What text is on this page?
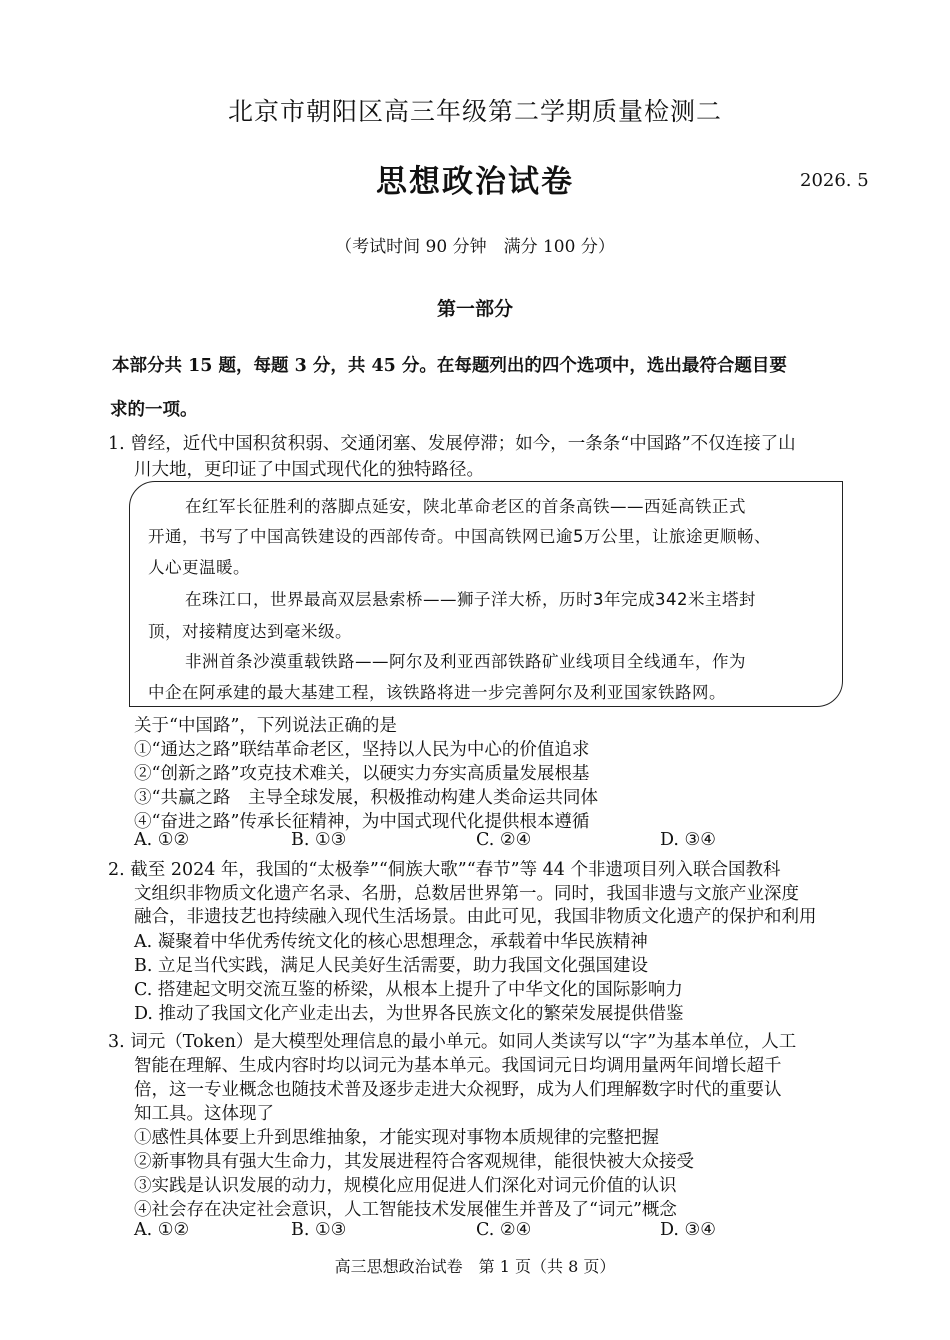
北京市朝阳区高三年级第二学期质量检测二
思想政治试卷	2026. 5
（考试时间 90 分钟　满分 100 分）
第一部分
本部分共 15 题，每题 3 分，共 45 分。在每题列出的四个选项中，选出最符合题目要
求的一项。
1. 曾经，近代中国积贫积弱、交通闭塞、发展停滞；如今，一条条“中国路”不仅连接了山
川大地，更印证了中国式现代化的独特路径。
在红军长征胜利的落脚点延安，陕北革命老区的首条高铁——西延高铁正式
开通，书写了中国高铁建设的西部传奇。中国高铁网已逾5万公里，让旅途更顺畅、
人心更温暖。
在珠江口，世界最高双层悬索桥——狮子洋大桥，历时3年完成342米主塔封
顶，对接精度达到毫米级。
非洲首条沙漠重载铁路——阿尔及利亚西部铁路矿业线项目全线通车，作为
中企在阿承建的最大基建工程，该铁路将进一步完善阿尔及利亚国家铁路网。
关于“中国路”，下列说法正确的是
①“通达之路”联结革命老区，坚持以人民为中心的价值追求
②“创新之路”攻克技术难关，以硬实力夯实高质量发展根基
③“共赢之路　主导全球发展，积极推动构建人类命运共同体
④“奋进之路”传承长征精神，为中国式现代化提供根本遵循
A. ①②	B. ①③	C. ②④	D. ③④
2. 截至 2024 年，我国的“太极拳”“侗族大歌”“春节”等 44 个非遗项目列入联合国教科
文组织非物质文化遗产名录、名册，总数居世界第一。同时，我国非遗与文旅产业深度
融合，非遗技艺也持续融入现代生活场景。由此可见，我国非物质文化遗产的保护和利用
A. 凝聚着中华优秀传统文化的核心思想理念，承载着中华民族精神
B. 立足当代实践，满足人民美好生活需要，助力我国文化强国建设
C. 搭建起文明交流互鉴的桥梁，从根本上提升了中华文化的国际影响力
D. 推动了我国文化产业走出去，为世界各民族文化的繁荣发展提供借鉴
3. 词元（Token）是大模型处理信息的最小单元。如同人类读写以“字”为基本单位，人工
智能在理解、生成内容时均以词元为基本单元。我国词元日均调用量两年间增长超千
倍，这一专业概念也随技术普及逐步走进大众视野，成为人们理解数字时代的重要认
知工具。这体现了
①感性具体要上升到思维抽象，才能实现对事物本质规律的完整把握
②新事物具有强大生命力，其发展进程符合客观规律，能很快被大众接受
③实践是认识发展的动力，规模化应用促进人们深化对词元价值的认识
④社会存在决定社会意识，人工智能技术发展催生并普及了“词元”概念
A. ①②	B. ①③	C. ②④	D. ③④
高三思想政治试卷　第 1 页（共 8 页）
